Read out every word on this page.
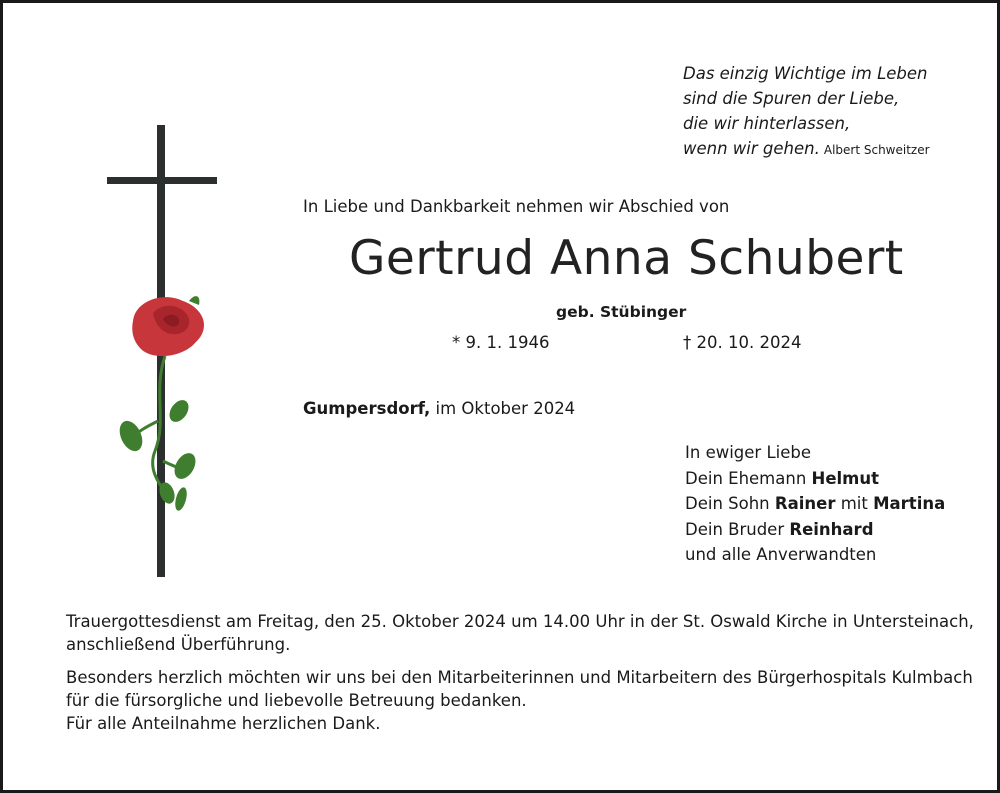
Das einzig Wichtige im Leben
sind die Spuren der Liebe,
die wir hinterlassen,
wenn wir gehen. Albert Schweitzer
In Liebe und Dankbarkeit nehmen wir Abschied von
Gertrud Anna Schubert
geb. Stübinger
* 9. 1. 1946	† 20. 10. 2024
Gumpersdorf, im Oktober 2024
In ewiger Liebe
Dein Ehemann Helmut
Dein Sohn Rainer mit Martina
Dein Bruder Reinhard
und alle Anverwandten
Trauergottesdienst am Freitag, den 25. Oktober 2024 um 14.00 Uhr in der St. Oswald Kirche in Untersteinach,
anschließend Überführung.
Besonders herzlich möchten wir uns bei den Mitarbeiterinnen und Mitarbeitern des Bürgerhospitals Kulmbach
für die fürsorgliche und liebevolle Betreuung bedanken.
Für alle Anteilnahme herzlichen Dank.
